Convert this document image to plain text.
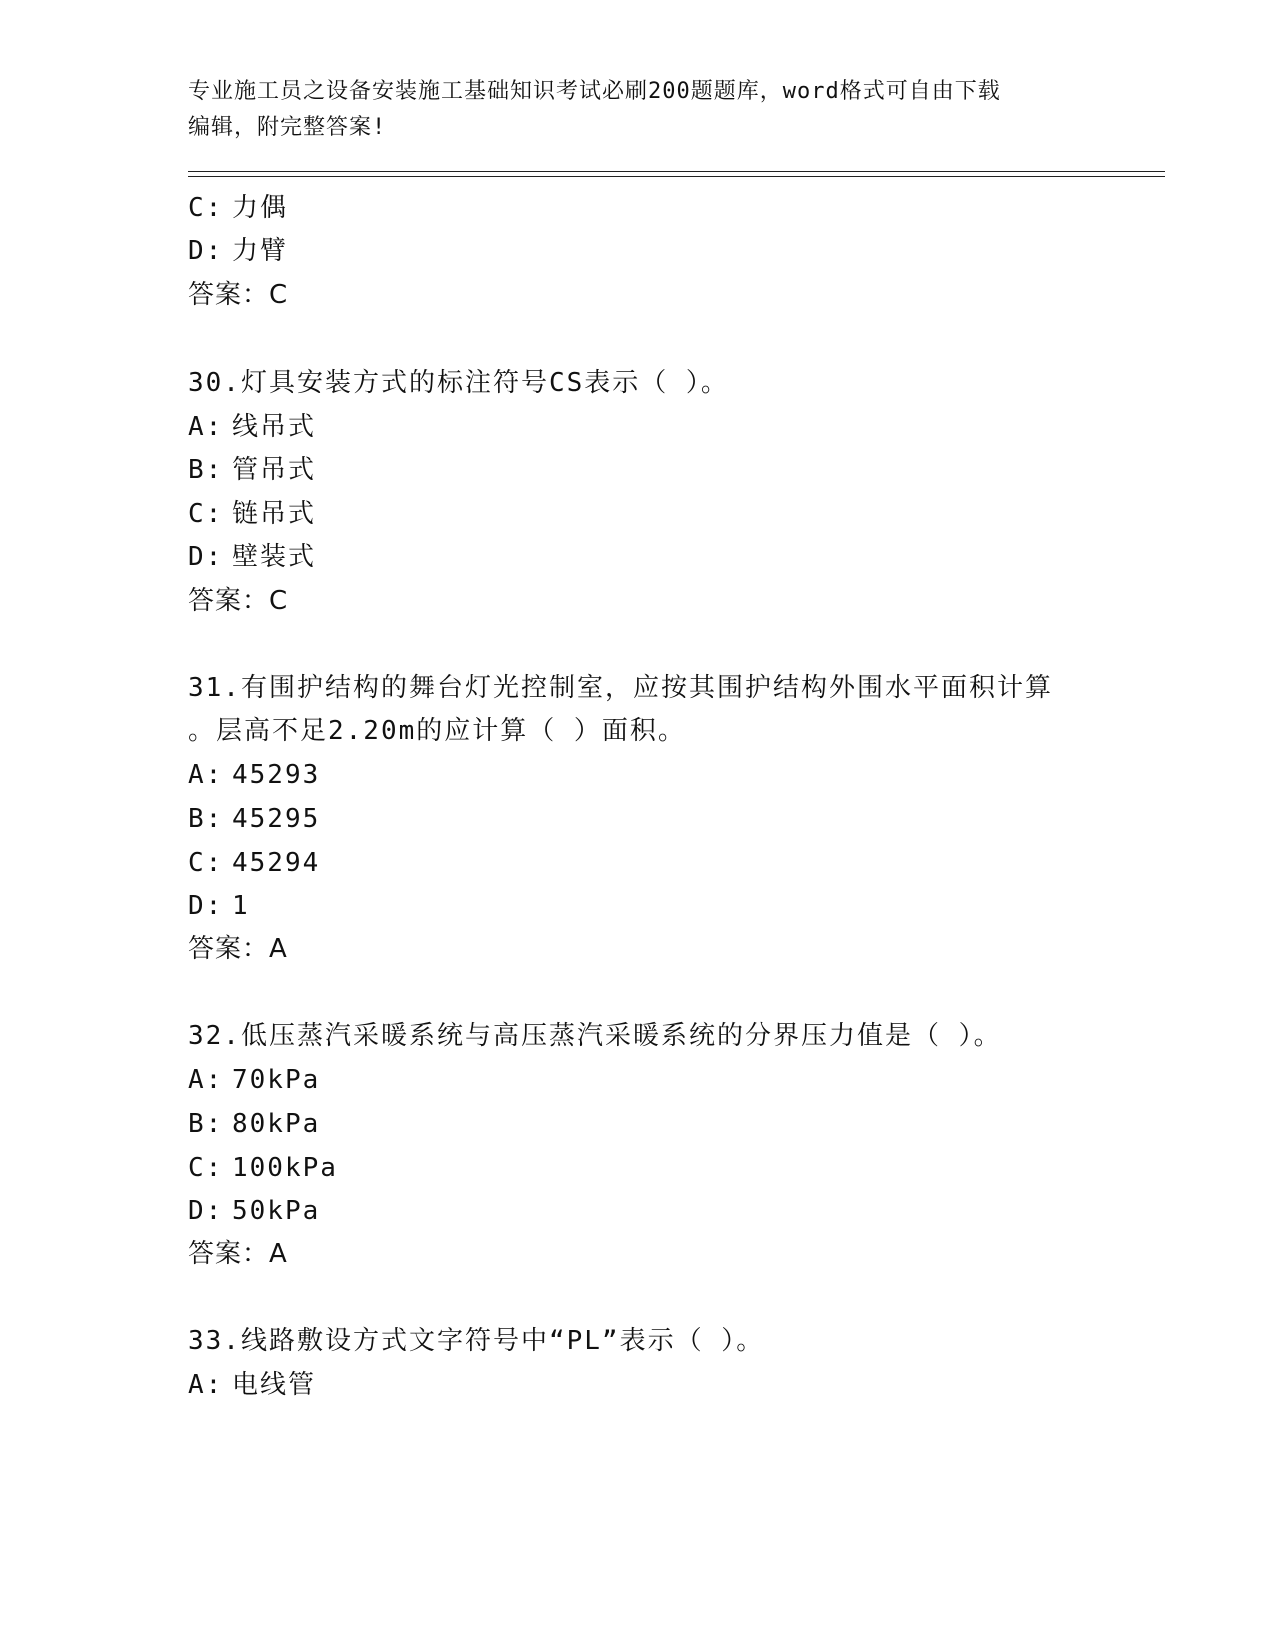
专业施工员之设备安装施工基础知识考试必刷200题题库，word格式可自由下载
编辑，附完整答案!
C: 力偶
D: 力臂
答案：C
30.灯具安装方式的标注符号CS表示（ ）。
A: 线吊式
B: 管吊式
C: 链吊式
D: 壁装式
答案：C
31.有围护结构的舞台灯光控制室，应按其围护结构外围水平面积计算
。层高不足2.20m的应计算（ ）面积。
A: 45293
B: 45295
C: 45294
D: 1
答案：A
32.低压蒸汽采暖系统与高压蒸汽采暖系统的分界压力值是（ ）。
A: 70kPa
B: 80kPa
C: 100kPa
D: 50kPa
答案：A
33.线路敷设方式文字符号中“PL”表示（ ）。
A: 电线管
